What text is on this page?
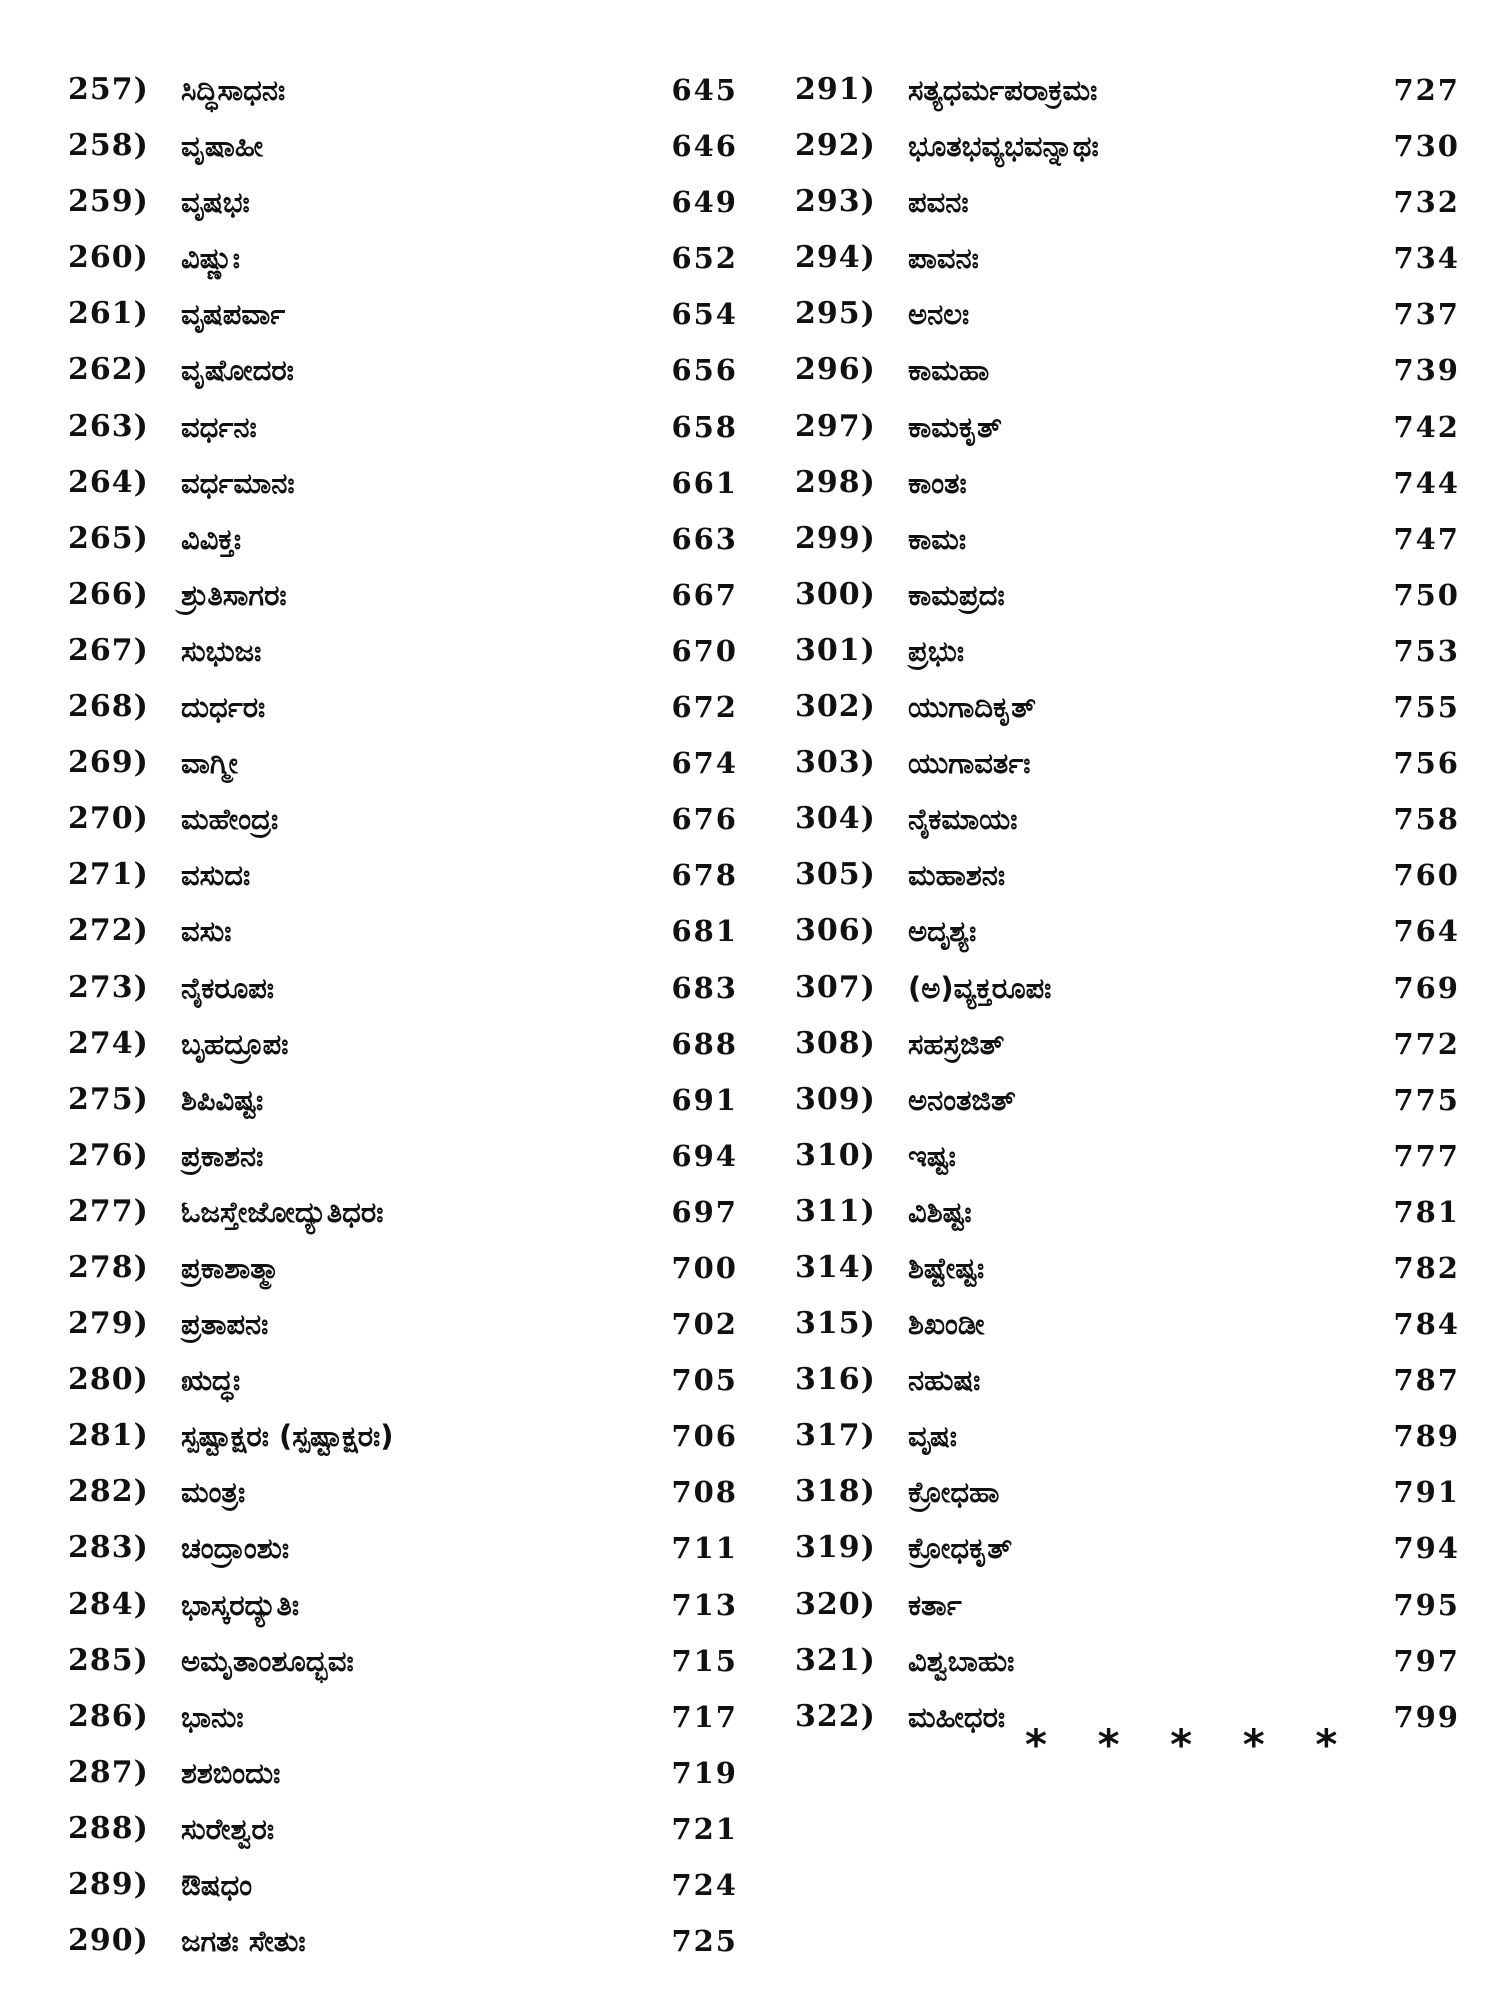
257) ಸಿದ್ಧಿಸಾಧನಃ	645
258) ವೃಷಾಹೀ	646
259) ವೃಷಭಃ	649
260) ವಿಷ್ಣುಃ	652
261) ವೃಷಪರ್ವಾ	654
262) ವೃಷೋದರಃ	656
263) ವರ್ಧನಃ	658
264) ವರ್ಧಮಾನಃ	661
265) ವಿವಿಕ್ತಃ	663
266) ಶ್ರುತಿಸಾಗರಃ	667
267) ಸುಭುಜಃ	670
268) ದುರ್ಧರಃ	672
269) ವಾಗ್ಮೀ	674
270) ಮಹೇಂದ್ರಃ	676
271) ವಸುದಃ	678
272) ವಸುಃ	681
273) ನೈಕರೂಪಃ	683
274) ಬೃಹದ್ರೂಪಃ	688
275) ಶಿಪಿವಿಷ್ಟಃ	691
276) ಪ್ರಕಾಶನಃ	694
277) ಓಜಸ್ತೇಜೋದ್ಯುತಿಧರಃ	697
278) ಪ್ರಕಾಶಾತ್ಮಾ	700
279) ಪ್ರತಾಪನಃ	702
280) ಋದ್ಧಃ	705
281) ಸ್ಪಷ್ಟಾಕ್ಷರಃ (ಸ್ಪಷ್ಟಾಕ್ಷರಃ)	706
282) ಮಂತ್ರಃ	708
283) ಚಂದ್ರಾಂಶುಃ	711
284) ಭಾಸ್ಕರದ್ಯುತಿಃ	713
285) ಅಮೃತಾಂಶೂದ್ಭವಃ	715
286) ಭಾನುಃ	717
287) ಶಶಬಿಂದುಃ	719
288) ಸುರೇಶ್ವರಃ	721
289) ಔಷಧಂ	724
290) ಜಗತಃ ಸೇತುಃ	725
291) ಸತ್ಯಧರ್ಮಪರಾಕ್ರಮಃ	727
292) ಭೂತಭವ್ಯಭವನ್ನಾಥಃ	730
293) ಪವನಃ	732
294) ಪಾವನಃ	734
295) ಅನಲಃ	737
296) ಕಾಮಹಾ	739
297) ಕಾಮಕೃತ್	742
298) ಕಾಂತಃ	744
299) ಕಾಮಃ	747
300) ಕಾಮಪ್ರದಃ	750
301) ಪ್ರಭುಃ	753
302) ಯುಗಾದಿಕೃತ್	755
303) ಯುಗಾವರ್ತಃ	756
304) ನೈಕಮಾಯಃ	758
305) ಮಹಾಶನಃ	760
306) ಅದೃಶ್ಯಃ	764
307) (ಅ)ವ್ಯಕ್ತರೂಪಃ	769
308) ಸಹಸ್ರಜಿತ್	772
309) ಅನಂತಜಿತ್	775
310) ಇಷ್ಟಃ	777
311) ವಿಶಿಷ್ಟಃ	781
314) ಶಿಷ್ಟೇಷ್ಟಃ	782
315) ಶಿಖಂಡೀ	784
316) ನಹುಷಃ	787
317) ವೃಷಃ	789
318) ಕ್ರೋಧಹಾ	791
319) ಕ್ರೋಧಕೃತ್	794
320) ಕರ್ತಾ	795
321) ವಿಶ್ವಬಾಹುಃ	797
322) ಮಹೀಧರಃ	799
* * * * *
